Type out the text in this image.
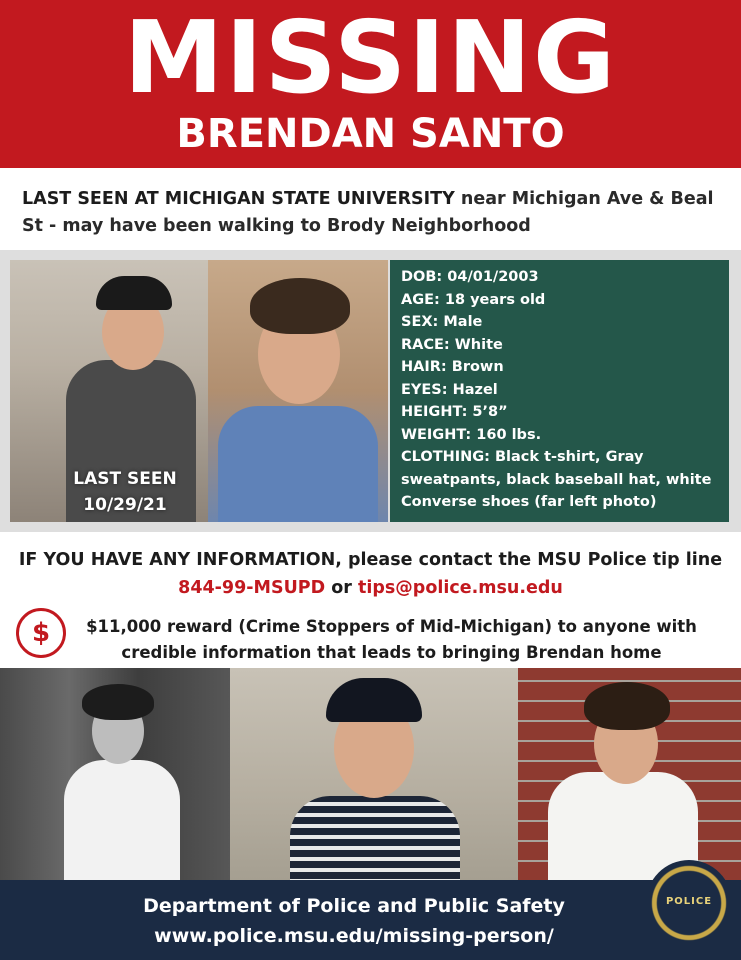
MISSING
BRENDAN SANTO
LAST SEEN AT MICHIGAN STATE UNIVERSITY near Michigan Ave & Beal St - may have been walking to Brody Neighborhood
LAST SEEN
10/29/21
DOB: 04/01/2003
AGE: 18 years old
SEX: Male
RACE: White
HAIR: Brown
EYES: Hazel
HEIGHT: 5’8”
WEIGHT: 160 lbs.
CLOTHING: Black t-shirt, Gray sweatpants, black baseball hat, white Converse shoes (far left photo)
IF YOU HAVE ANY INFORMATION, please contact the MSU Police tip line 844-99-MSUPD or tips@police.msu.edu
$	$11,000 reward (Crime Stoppers of Mid-Michigan) to anyone with credible information that leads to bringing Brendan home
Department of Police and Public Safety
www.police.msu.edu/missing-person/
POLICE
